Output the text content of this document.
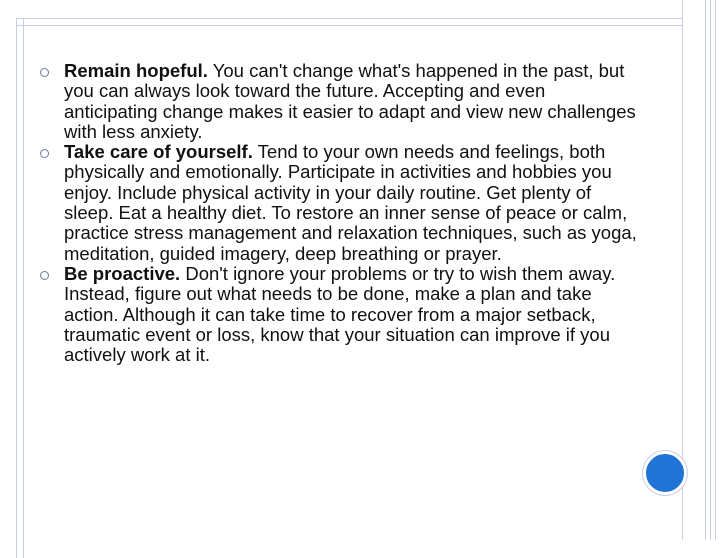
Remain hopeful. You can't change what's happened in the past, but you can always look toward the future. Accepting and even anticipating change makes it easier to adapt and view new challenges with less anxiety.
Take care of yourself. Tend to your own needs and feelings, both physically and emotionally. Participate in activities and hobbies you enjoy. Include physical activity in your daily routine. Get plenty of sleep. Eat a healthy diet. To restore an inner sense of peace or calm, practice stress management and relaxation techniques, such as yoga, meditation, guided imagery, deep breathing or prayer.
Be proactive. Don't ignore your problems or try to wish them away. Instead, figure out what needs to be done, make a plan and take action. Although it can take time to recover from a major setback, traumatic event or loss, know that your situation can improve if you actively work at it.
